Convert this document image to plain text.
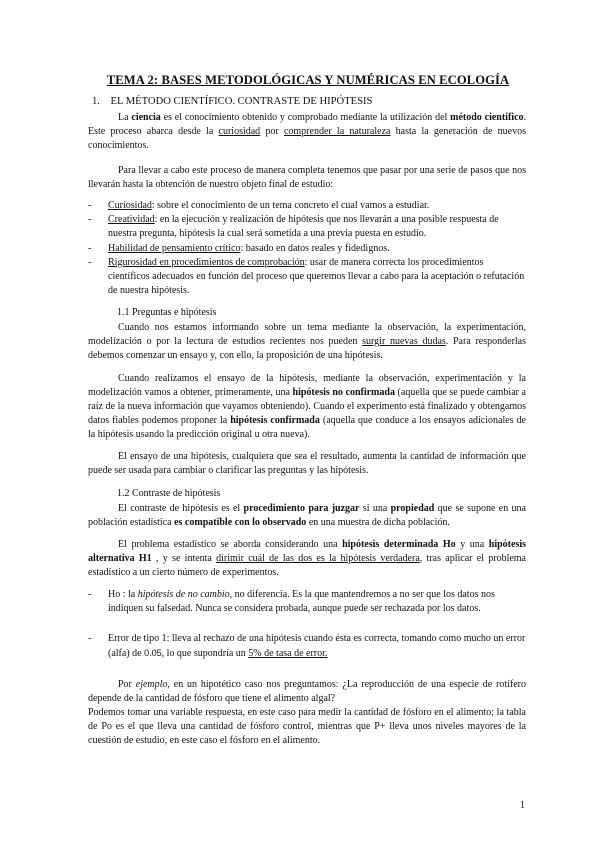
TEMA 2: BASES METODOLÓGICAS Y NUMÉRICAS EN ECOLOGÍA
1. EL MÉTODO CIENTÍFICO. CONTRASTE DE HIPÓTESIS
La ciencia es el conocimiento obtenido y comprobado mediante la utilización del método científico. Este proceso abarca desde la curiosidad por comprender la naturaleza hasta la generación de nuevos conocimientos.
Para llevar a cabo este proceso de manera completa tenemos que pasar por una serie de pasos que nos llevarán hasta la obtención de nuestro objeto final de estudio:
- Curiosidad: sobre el conocimiento de un tema concreto el cual vamos a estudiar.
- Creatividad: en la ejecución y realización de hipótesis que nos llevarán a una posible respuesta de nuestra pregunta, hipótesis la cual será sometida a una previa puesta en estudio.
- Habilidad de pensamiento crítico: basado en datos reales y fidedignos.
- Rigurosidad en procedimientos de comprobación: usar de manera correcta los procedimientos científicos adecuados en función del proceso que queremos llevar a cabo para la aceptación o refutación de nuestra hipótesis.
1.1 Preguntas e hipótesis
Cuando nos estamos informando sobre un tema mediante la observación, la experimentación, modelización o por la lectura de estudios recientes nos pueden surgir nuevas dudas. Para responderlas debemos comenzar un ensayo y, con ello, la proposición de una hipótesis.
Cuando realizamos el ensayo de la hipótesis, mediante la observación, experimentación y la modelización vamos a obtener, primeramente, una hipótesis no confirmada (aquella que se puede cambiar a raíz de la nueva información que vayamos obteniendo). Cuando el experimento está finalizado y obtengamos datos fiables podemos proponer la hipótesis confirmada (aquella que conduce a los ensayos adicionales de la hipótesis usando la predicción original u otra nueva).
El ensayo de una hipótesis, cualquiera que sea el resultado, aumenta la cantidad de información que puede ser usada para cambiar o clarificar las preguntas y las hipótesis.
1.2 Contraste de hipótesis
El contraste de hipótesis es el procedimiento para juzgar si una propiedad que se supone en una población estadística es compatible con lo observado en una muestra de dicha población.
El problema estadístico se aborda considerando una hipótesis determinada Ho y una hipótesis alternativa H1 , y se intenta dirimir cuál de las dos es la hipótesis verdadera, tras aplicar el problema estadístico a un cierto número de experimentos.
- Ho : la hipótesis de no cambio, no diferencia. Es la que mantendremos a no ser que los datos nos indiquen su falsedad. Nunca se considera probada, aunque puede ser rechazada por los datos.
- Error de tipo 1: lleva al rechazo de una hipótesis cuando ésta es correcta, tomando como mucho un error (alfa) de 0.05, lo que supondría un 5% de tasa de error.
Por ejemplo, en un hipotético caso nos preguntamos: ¿La reproducción de una especie de rotífero depende de la cantidad de fósforo que tiene el alimento algal?
Podemos tomar una variable respuesta, en este caso para medir la cantidad de fósforo en el alimento; la tabla de Po es el que lleva una cantidad de fósforo control, mientras que P+ lleva unos niveles mayores de la cuestión de estudio, en este caso el fósforo en el alimento.
1
